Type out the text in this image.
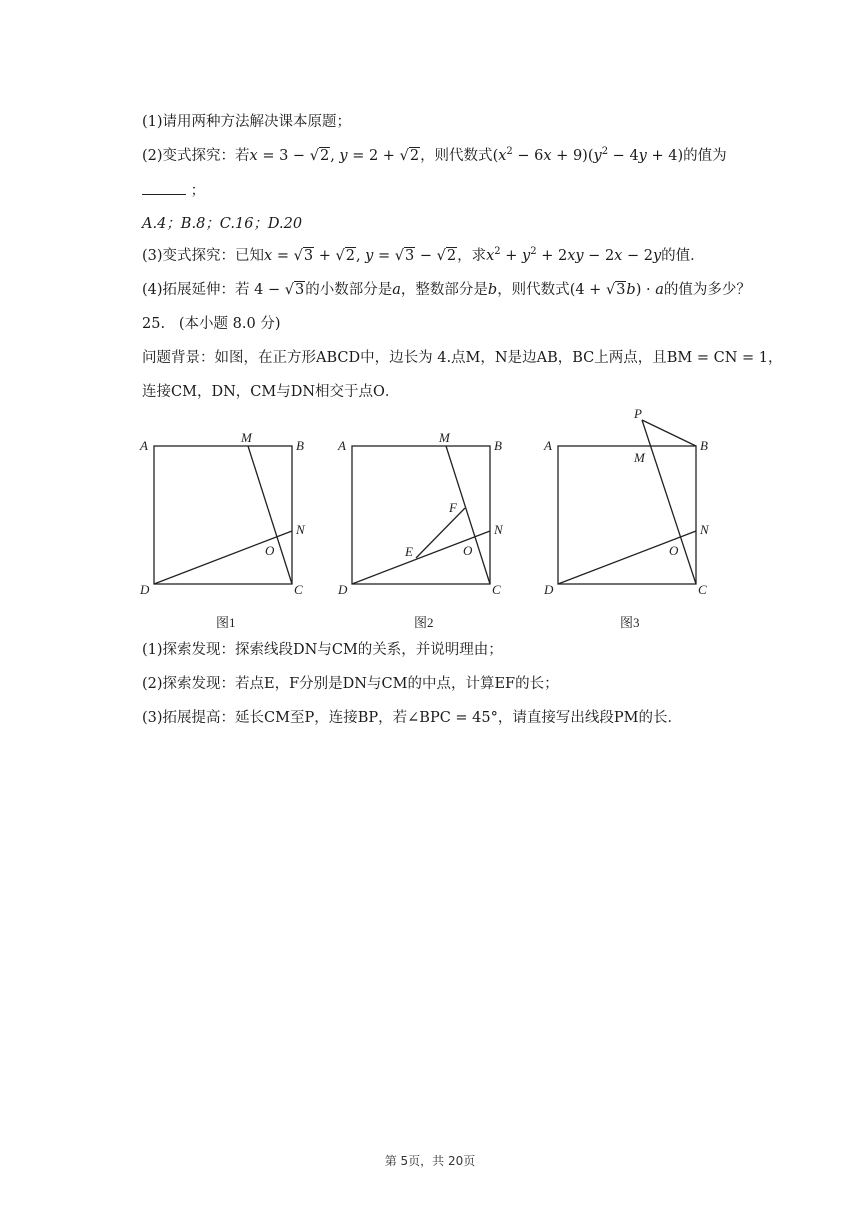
(1)请用两种方法解决课本原题；
(2)变式探究：若x = 3 − √2, y = 2 + √2，则代数式$(x^2 - 6x + 9)(y^2 - 4y + 4)$的值为
；
A.4；B.8；C.16；D.20
(3)变式探究：已知x = √3 + √2, y = √3 − √2，求$x^2 + y^2 + 2xy - 2x - 2y$的值．
(4)拓展延伸：若 4 − √3的小数部分是a，整数部分是b，则代数式(4 + √3b) · a的值为多少？
25. (本小题 8.0 分)
问题背景：如图，在正方形ABCD中，边长为 4.点M，N是边AB，BC上两点，且BM = CN = 1，
连接CM，DN，CM与DN相交于点O．
A	B
C
D
M
N
O
图1
A	B
C
D
M
N
O
E
F
图2
A	B
C
D
M
N
O
P
图3
(1)探索发现：探索线段DN与CM的关系，并说明理由；
(2)探索发现：若点E，F分别是DN与CM的中点，计算EF的长；
(3)拓展提高：延长CM至P，连接BP，若∠BPC = 45°，请直接写出线段PM的长．
第 5页，共 20页
